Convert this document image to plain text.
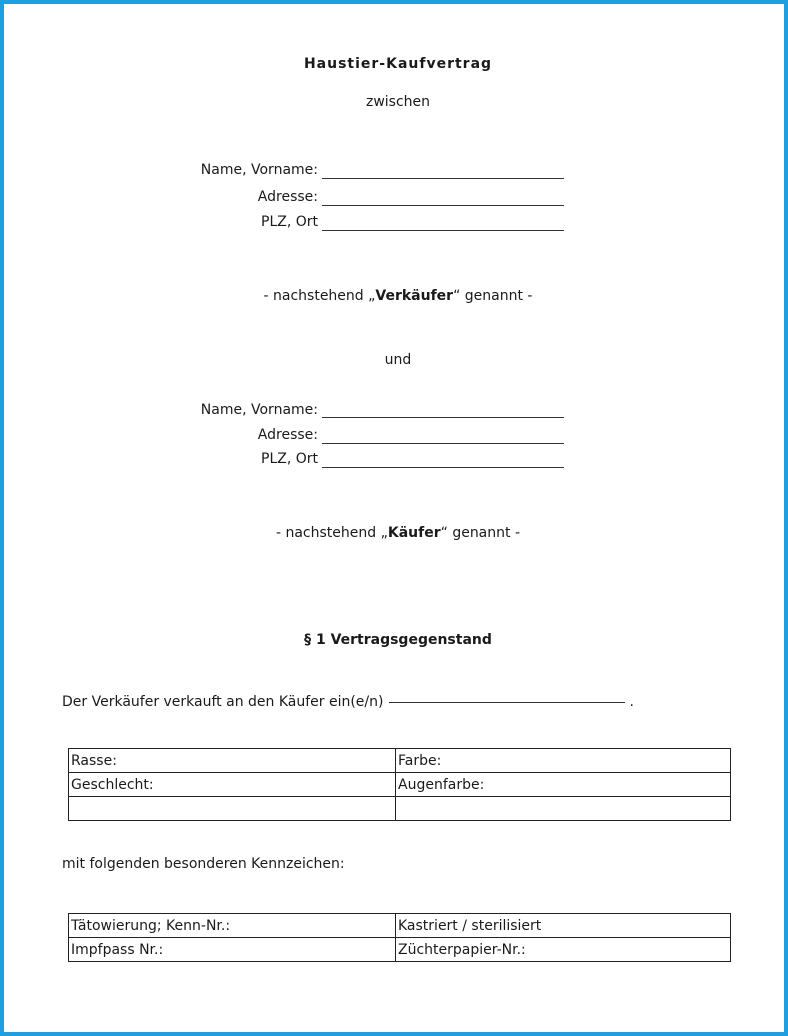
Haustier-Kaufvertrag
zwischen
Name, Vorname:
Adresse:
PLZ, Ort
- nachstehend „Verkäufer“ genannt -
und
Name, Vorname:
Adresse:
PLZ, Ort
- nachstehend „Käufer“ genannt -
§ 1 Vertragsgegenstand
Der Verkäufer verkauft an den Käufer ein(e/n)	.
Rasse:	Farbe:
Geschlecht:	Augenfarbe:

mit folgenden besonderen Kennzeichen:
Tätowierung; Kenn-Nr.:	Kastriert / sterilisiert
Impfpass Nr.:	Züchterpapier-Nr.:
